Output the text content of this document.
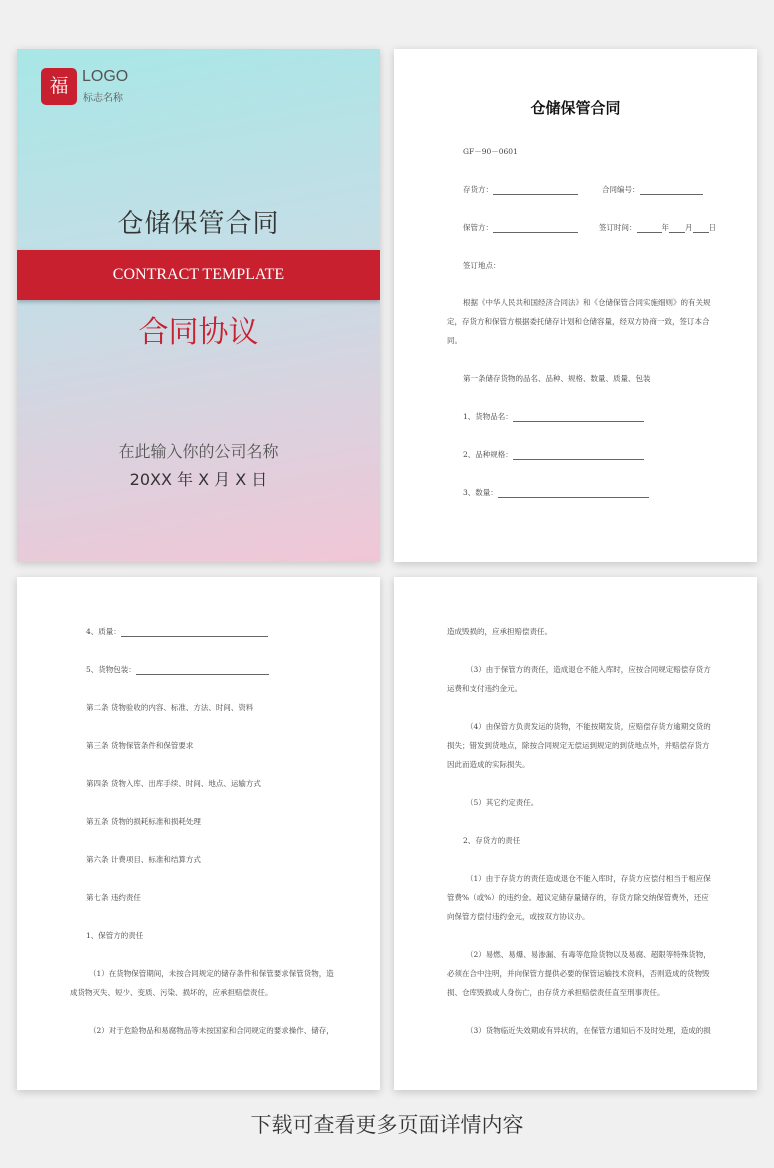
福 LOGO
标志名称
仓储保管合同
CONTRACT TEMPLATE
合同协议
在此输入你的公司名称
20XX 年 X 月 X 日
仓储保管合同
GF－90－0601
存货方：	合同编号：
保管方：	签订时间：	年 月 日
签订地点：
根据《中华人民共和国经济合同法》和《仓储保管合同实施细则》的有关规
定，存货方和保管方根据委托储存计划和仓储容量，经双方协商一致，签订本合
同。
第一条储存货物的品名、品种、规格、数量、质量、包装
1、货物品名：
2、品种规格：
3、数量：
4、质量：
5、货物包装：
第二条 货物验收的内容、标准、方法、时间、资料
第三条 货物保管条件和保管要求
第四条 货物入库、出库手续、时间、地点、运输方式
第五条 货物的损耗标准和损耗处理
第六条 计费项目、标准和结算方式
第七条 违约责任
1、保管方的责任
（1）在货物保管期间，未按合同规定的储存条件和保管要求保管货物，造
成货物灭失、短少、变质、污染、损坏的，应承担赔偿责任。
（2）对于危险物品和易腐物品等未按国家和合同规定的要求操作、储存，
造成毁损的，应承担赔偿责任。
（3）由于保管方的责任，造成退仓不能入库时，应按合同规定赔偿存货方
运费和支付违约金元。
（4）由保管方负责发运的货物，不能按期发货，应赔偿存货方逾期交货的
损失；错发到货地点，除按合同规定无偿运到规定的到货地点外，并赔偿存货方
因此而造成的实际损失。
（5）其它约定责任。
2、存货方的责任
（1）由于存货方的责任造成退仓不能入库时，存货方应偿付相当于相应保
管费%（或%）的违约金。超议定储存量储存的，存货方除交纳保管费外，还应
向保管方偿付违约金元，或按双方协议办。
（2）易燃、易爆、易渗漏、有毒等危险货物以及易腐、超限等特殊货物，
必须在合中注明，并向保管方提供必要的保管运输技术资料，否则造成的货物毁
损、仓库毁损或人身伤亡，由存货方承担赔偿责任直至刑事责任。
（3）货物临近失效期或有异状的，在保管方通知后不及时处理，造成的损
下载可查看更多页面详情内容
